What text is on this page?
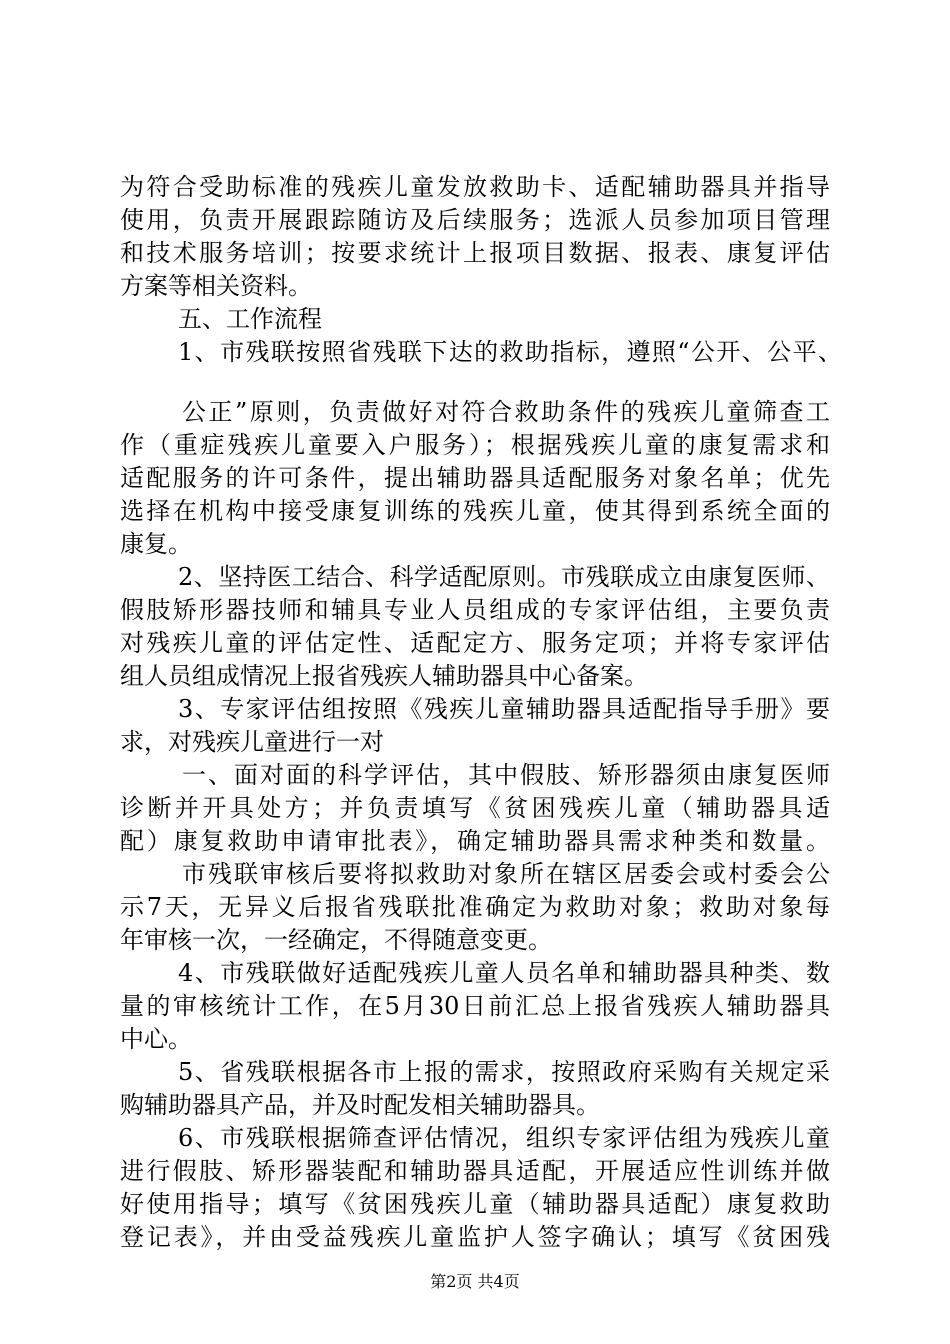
为符合受助标准的残疾儿童发放救助卡、适配辅助器具并指导
使用，负责开展跟踪随访及后续服务；选派人员参加项目管理
和技术服务培训；按要求统计上报项目数据、报表、康复评估
方案等相关资料。
五、工作流程
1、市残联按照省残联下达的救助指标，遵照“公开、公平、
公正”原则，负责做好对符合救助条件的残疾儿童筛查工
作（重症残疾儿童要入户服务）；根据残疾儿童的康复需求和
适配服务的许可条件，提出辅助器具适配服务对象名单；优先
选择在机构中接受康复训练的残疾儿童，使其得到系统全面的
康复。
2、坚持医工结合、科学适配原则。市残联成立由康复医师、
假肢矫形器技师和辅具专业人员组成的专家评估组，主要负责
对残疾儿童的评估定性、适配定方、服务定项；并将专家评估
组人员组成情况上报省残疾人辅助器具中心备案。
3、专家评估组按照《残疾儿童辅助器具适配指导手册》要
求，对残疾儿童进行一对
一、面对面的科学评估，其中假肢、矫形器须由康复医师
诊断并开具处方；并负责填写《贫困残疾儿童（辅助器具适
配）康复救助申请审批表》，确定辅助器具需求种类和数量。
市残联审核后要将拟救助对象所在辖区居委会或村委会公
示7天，无异义后报省残联批准确定为救助对象；救助对象每
年审核一次，一经确定，不得随意变更。
4、市残联做好适配残疾儿童人员名单和辅助器具种类、数
量的审核统计工作，在5月30日前汇总上报省残疾人辅助器具
中心。
5、省残联根据各市上报的需求，按照政府采购有关规定采
购辅助器具产品，并及时配发相关辅助器具。
6、市残联根据筛查评估情况，组织专家评估组为残疾儿童
进行假肢、矫形器装配和辅助器具适配，开展适应性训练并做
好使用指导；填写《贫困残疾儿童（辅助器具适配）康复救助
登记表》，并由受益残疾儿童监护人签字确认；填写《贫困残
第2页 共4页
